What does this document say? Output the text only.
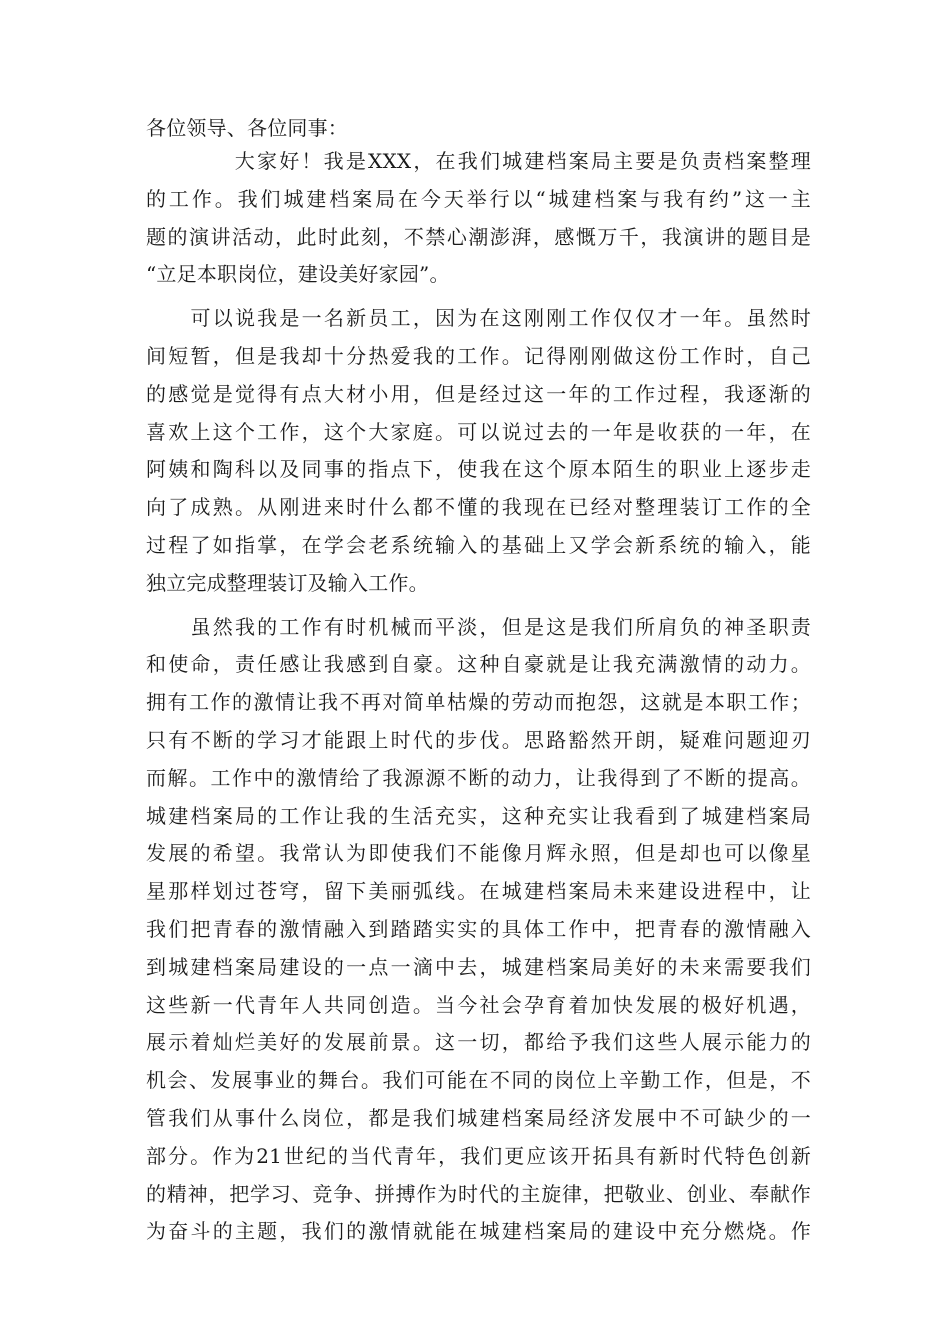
各位领导、各位同事：
　　　　大家好！我是XXX，在我们城建档案局主要是负责档案整理
的工作。我们城建档案局在今天举行以“城建档案与我有约”这一主
题的演讲活动，此时此刻，不禁心潮澎湃，感慨万千，我演讲的题目是
“立足本职岗位，建设美好家园”。
　　可以说我是一名新员工，因为在这刚刚工作仅仅才一年。虽然时
间短暂，但是我却十分热爱我的工作。记得刚刚做这份工作时，自己
的感觉是觉得有点大材小用，但是经过这一年的工作过程，我逐渐的
喜欢上这个工作，这个大家庭。可以说过去的一年是收获的一年，在
阿姨和陶科以及同事的指点下，使我在这个原本陌生的职业上逐步走
向了成熟。从刚进来时什么都不懂的我现在已经对整理装订工作的全
过程了如指掌，在学会老系统输入的基础上又学会新系统的输入，能
独立完成整理装订及输入工作。
　　虽然我的工作有时机械而平淡，但是这是我们所肩负的神圣职责
和使命，责任感让我感到自豪。这种自豪就是让我充满激情的动力。
拥有工作的激情让我不再对简单枯燥的劳动而抱怨，这就是本职工作；
只有不断的学习才能跟上时代的步伐。思路豁然开朗，疑难问题迎刃
而解。工作中的激情给了我源源不断的动力，让我得到了不断的提高。
城建档案局的工作让我的生活充实，这种充实让我看到了城建档案局
发展的希望。我常认为即使我们不能像月辉永照，但是却也可以像星
星那样划过苍穹，留下美丽弧线。在城建档案局未来建设进程中，让
我们把青春的激情融入到踏踏实实的具体工作中，把青春的激情融入
到城建档案局建设的一点一滴中去，城建档案局美好的未来需要我们
这些新一代青年人共同创造。当今社会孕育着加快发展的极好机遇，
展示着灿烂美好的发展前景。这一切，都给予我们这些人展示能力的
机会、发展事业的舞台。我们可能在不同的岗位上辛勤工作，但是，不
管我们从事什么岗位，都是我们城建档案局经济发展中不可缺少的一
部分。作为21世纪的当代青年，我们更应该开拓具有新时代特色创新
的精神，把学习、竞争、拼搏作为时代的主旋律，把敬业、创业、奉献作
为奋斗的主题，我们的激情就能在城建档案局的建设中充分燃烧。作
